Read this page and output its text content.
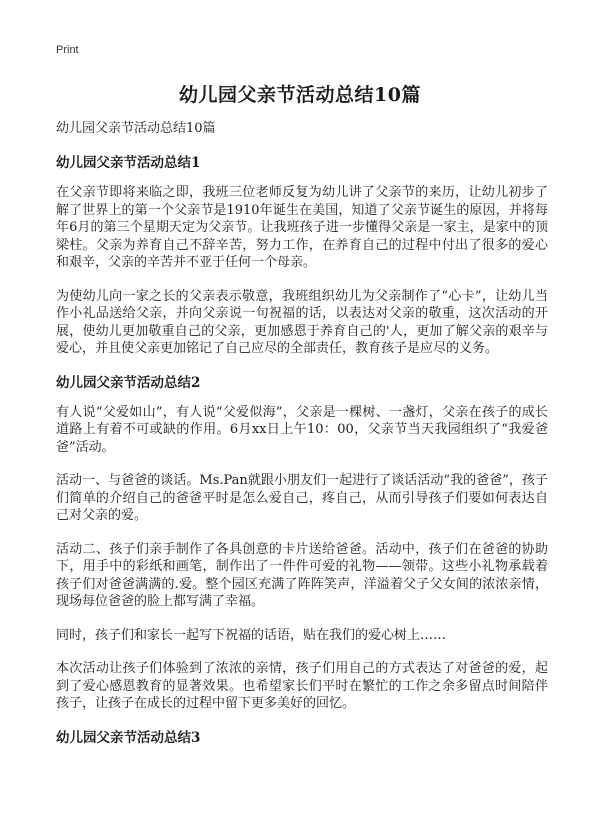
Print
幼儿园父亲节活动总结10篇

幼儿园父亲节活动总结10篇

幼儿园父亲节活动总结1

在父亲节即将来临之即，我班三位老师反复为幼儿讲了父亲节的来历，让幼儿初步了解了世界上的第一个父亲节是1910年诞生在美国，知道了父亲节诞生的原因，并将每年6月的第三个星期天定为父亲节。让我班孩子进一步懂得父亲是一家主，是家中的顶梁柱。父亲为养育自己不辞辛苦，努力工作，在养育自己的过程中付出了很多的爱心和艰辛，父亲的辛苦并不亚于任何一个母亲。

为使幼儿向一家之长的父亲表示敬意，我班组织幼儿为父亲制作了“心卡”，让幼儿当作小礼品送给父亲，并向父亲说一句祝福的话，以表达对父亲的敬重，这次活动的开展，使幼儿更加敬重自己的父亲，更加感恩于养育自己的'人，更加了解父亲的艰辛与爱心，并且使父亲更加铭记了自己应尽的全部责任，教育孩子是应尽的义务。

幼儿园父亲节活动总结2

有人说“父爱如山”，有人说“父爱似海”，父亲是一棵树、一盏灯，父亲在孩子的成长道路上有着不可或缺的作用。6月xx日上午10：00，父亲节当天我园组织了“我爱爸爸”活动。

活动一、与爸爸的谈话。Ms.Pan就跟小朋友们一起进行了谈话活动“我的爸爸”，孩子们简单的介绍自己的爸爸平时是怎么爱自己，疼自己，从而引导孩子们要如何表达自己对父亲的爱。

活动二、孩子们亲手制作了各具创意的卡片送给爸爸。活动中，孩子们在爸爸的协助下，用手中的彩纸和画笔，制作出了一件件可爱的礼物——领带。这些小礼物承载着孩子们对爸爸满满的.爱。整个园区充满了阵阵笑声，洋溢着父子父女间的浓浓亲情，现场每位爸爸的脸上都写满了幸福。

同时，孩子们和家长一起写下祝福的话语，贴在我们的爱心树上……

本次活动让孩子们体验到了浓浓的亲情，孩子们用自己的方式表达了对爸爸的爱，起到了爱心感恩教育的显著效果。也希望家长们平时在繁忙的工作之余多留点时间陪伴孩子，让孩子在成长的过程中留下更多美好的回忆。

幼儿园父亲节活动总结3
